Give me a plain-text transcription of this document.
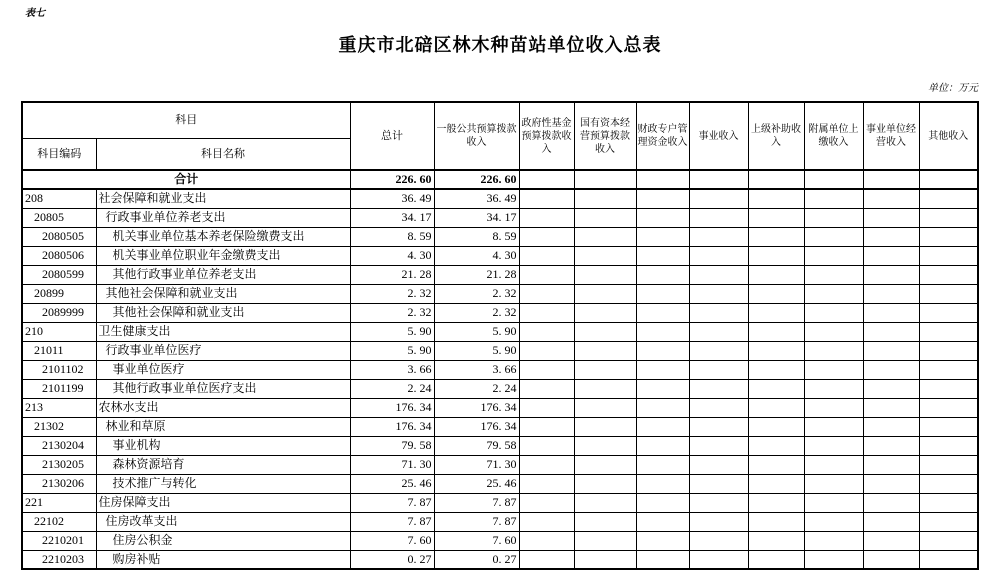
表七
重庆市北碚区林木种苗站单位收入总表
单位：万元
科目		总计	一般公共预算拨款收入	政府性基金预算拨款收入	国有资本经营预算拨款收入	财政专户管理资金收入	事业收入	上级补助收入	附属单位上缴收入	事业单位经营收入	其他收入
科目编码	科目名称										
合计		226. 60	226. 60								
208	社会保障和就业支出	36. 49	36. 49								
20805	行政事业单位养老支出	34. 17	34. 17								
2080505	机关事业单位基本养老保险缴费支出	8. 59	8. 59								
2080506	机关事业单位职业年金缴费支出	4. 30	4. 30								
2080599	其他行政事业单位养老支出	21. 28	21. 28								
20899	其他社会保障和就业支出	2. 32	2. 32								
2089999	其他社会保障和就业支出	2. 32	2. 32								
210	卫生健康支出	5. 90	5. 90								
21011	行政事业单位医疗	5. 90	5. 90								
2101102	事业单位医疗	3. 66	3. 66								
2101199	其他行政事业单位医疗支出	2. 24	2. 24								
213	农林水支出	176. 34	176. 34								
21302	林业和草原	176. 34	176. 34								
2130204	事业机构	79. 58	79. 58								
2130205	森林资源培育	71. 30	71. 30								
2130206	技术推广与转化	25. 46	25. 46								
221	住房保障支出	7. 87	7. 87								
22102	住房改革支出	7. 87	7. 87								
2210201	住房公积金	7. 60	7. 60								
2210203	购房补贴	0. 27	0. 27								
